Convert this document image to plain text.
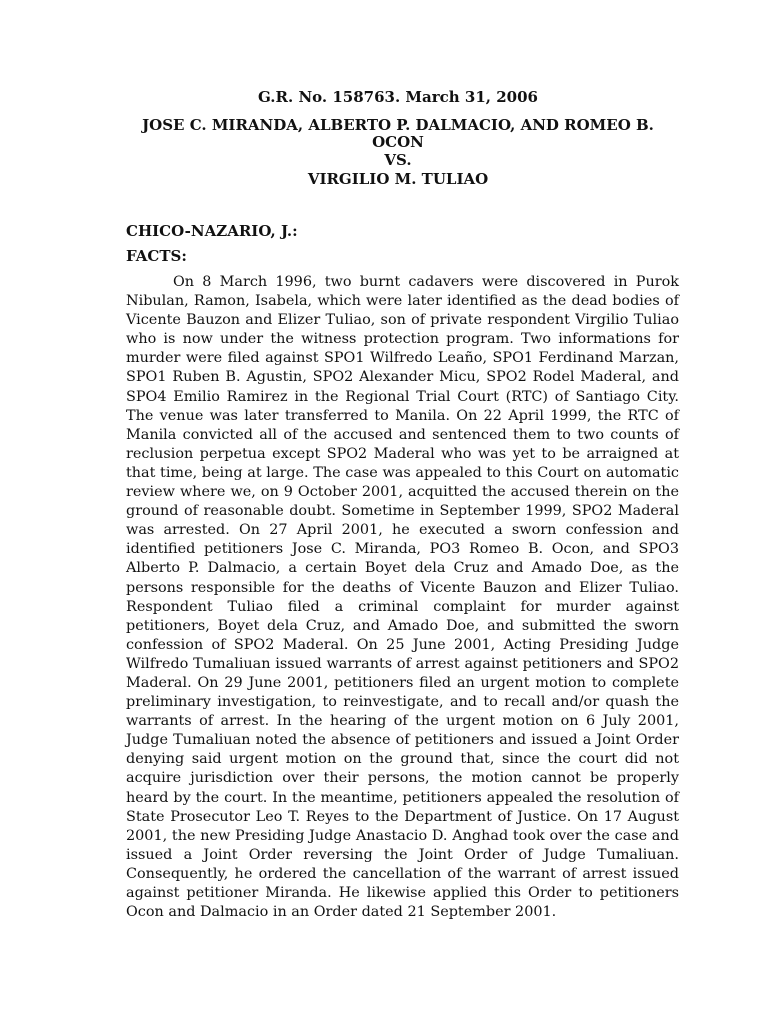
G.R. No. 158763. March 31, 2006
JOSE C. MIRANDA, ALBERTO P. DALMACIO, AND ROMEO B.
OCON
VS.
VIRGILIO M. TULIAO
CHICO-NAZARIO, J.:
FACTS:

On 8 March 1996, two burnt cadavers were discovered in Purok Nibulan, Ramon, Isabela, which were later identified as the dead bodies of Vicente Bauzon and Elizer Tuliao, son of private respondent Virgilio Tuliao who is now under the witness protection program. Two informations for murder were filed against SPO1 Wilfredo Leaño, SPO1 Ferdinand Marzan, SPO1 Ruben B. Agustin, SPO2 Alexander Micu, SPO2 Rodel Maderal, and SPO4 Emilio Ramirez in the Regional Trial Court (RTC) of Santiago City. The venue was later transferred to Manila. On 22 April 1999, the RTC of Manila convicted all of the accused and sentenced them to two counts of reclusion perpetua except SPO2 Maderal who was yet to be arraigned at that time, being at large. The case was appealed to this Court on automatic review where we, on 9 October 2001, acquitted the accused therein on the ground of reasonable doubt. Sometime in September 1999, SPO2 Maderal was arrested. On 27 April 2001, he executed a sworn confession and identified petitioners Jose C. Miranda, PO3 Romeo B. Ocon, and SPO3 Alberto P. Dalmacio, a certain Boyet dela Cruz and Amado Doe, as the persons responsible for the deaths of Vicente Bauzon and Elizer Tuliao. Respondent Tuliao filed a criminal complaint for murder against petitioners, Boyet dela Cruz, and Amado Doe, and submitted the sworn confession of SPO2 Maderal. On 25 June 2001, Acting Presiding Judge Wilfredo Tumaliuan issued warrants of arrest against petitioners and SPO2 Maderal. On 29 June 2001, petitioners filed an urgent motion to complete preliminary investigation, to reinvestigate, and to recall and/or quash the warrants of arrest. In the hearing of the urgent motion on 6 July 2001, Judge Tumaliuan noted the absence of petitioners and issued a Joint Order denying said urgent motion on the ground that, since the court did not acquire jurisdiction over their persons, the motion cannot be properly heard by the court. In the meantime, petitioners appealed the resolution of State Prosecutor Leo T. Reyes to the Department of Justice. On 17 August 2001, the new Presiding Judge Anastacio D. Anghad took over the case and issued a Joint Order reversing the Joint Order of Judge Tumaliuan. Consequently, he ordered the cancellation of the warrant of arrest issued against petitioner Miranda. He likewise applied this Order to petitioners Ocon and Dalmacio in an Order dated 21 September 2001.
